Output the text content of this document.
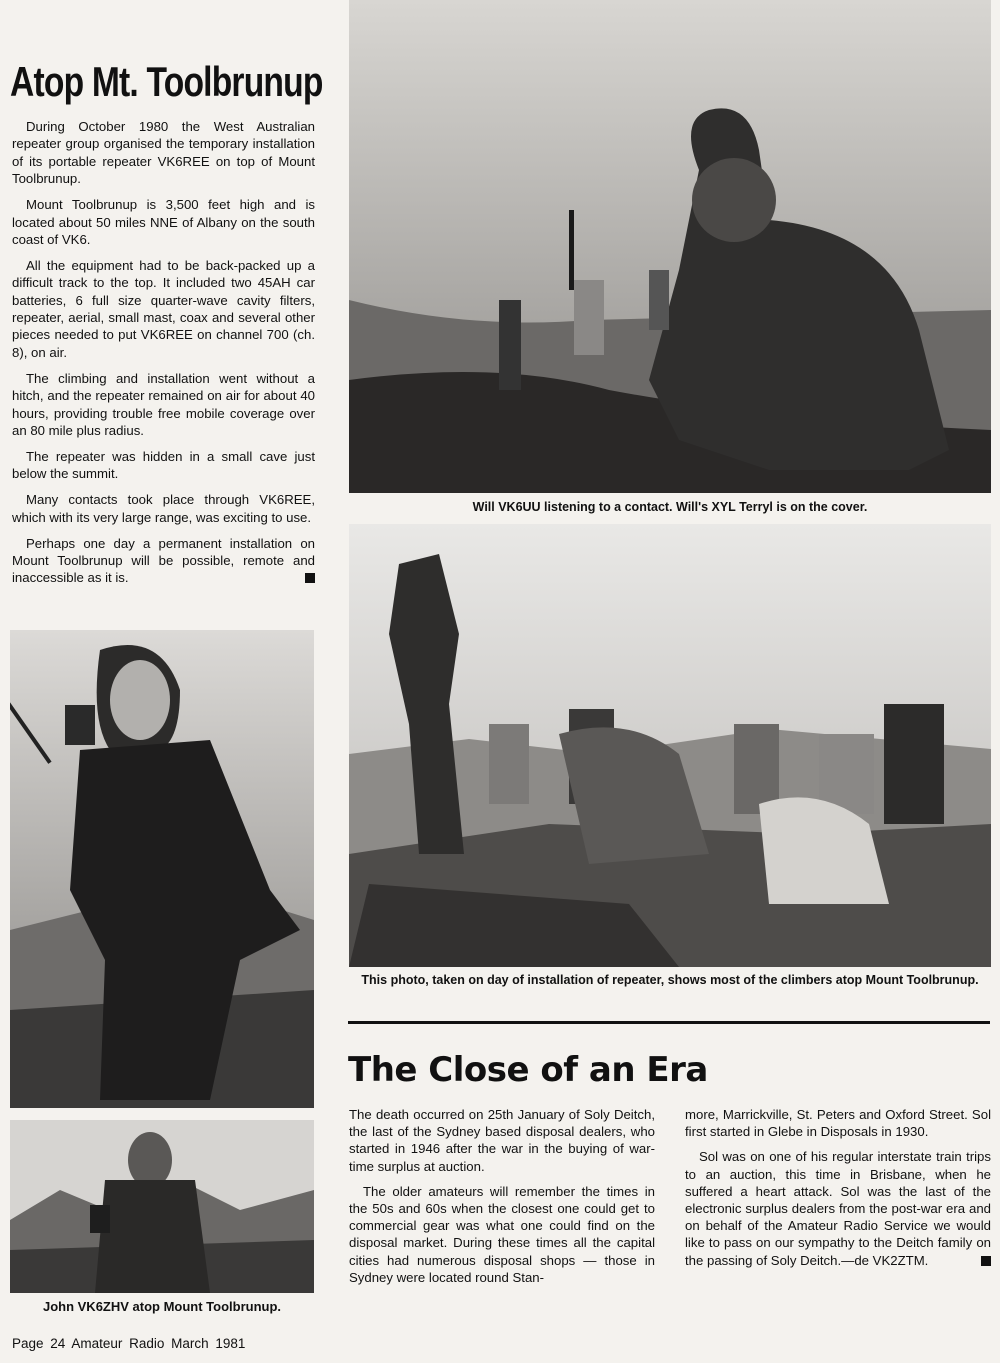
Atop Mt. Toolbrunup

During October 1980 the West Australian repeater group organised the temporary installation of its portable repeater VK6REE on top of Mount Toolbrunup.

Mount Toolbrunup is 3,500 feet high and is located about 50 miles NNE of Albany on the south coast of VK6.

All the equipment had to be back-packed up a difficult track to the top. It included two 45AH car batteries, 6 full size quarter-wave cavity filters, repeater, aerial, small mast, coax and several other pieces needed to put VK6REE on channel 700 (ch. 8), on air.

The climbing and installation went without a hitch, and the repeater remained on air for about 40 hours, providing trouble free mobile coverage over an 80 mile plus radius.

The repeater was hidden in a small cave just below the summit.

Many contacts took place through VK6REE, which with its very large range, was exciting to use.

Perhaps one day a permanent installation on Mount Toolbrunup will be possible, remote and inaccessible as it is.

Will VK6UU listening to a contact. Will's XYL Terryl is on the cover.
This photo, taken on day of installation of repeater, shows most of the climbers atop Mount Toolbrunup.
John VK6ZHV atop Mount Toolbrunup.
The Close of an Era

The death occurred on 25th January of Soly Deitch, the last of the Sydney based disposal dealers, who started in 1946 after the war in the buying of war-time surplus at auction.

The older amateurs will remember the times in the 50s and 60s when the closest one could get to commercial gear was what one could find on the disposal market. During these times all the capital cities had numerous disposal shops — those in Sydney were located round Stan-

more, Marrickville, St. Peters and Oxford Street. Sol first started in Glebe in Disposals in 1930.

Sol was on one of his regular interstate train trips to an auction, this time in Brisbane, when he suffered a heart attack. Sol was the last of the electronic surplus dealers from the post-war era and on behalf of the Amateur Radio Service we would like to pass on our sympathy to the Deitch family on the passing of Soly Deitch.—de VK2ZTM.

Page 24 Amateur Radio March 1981
